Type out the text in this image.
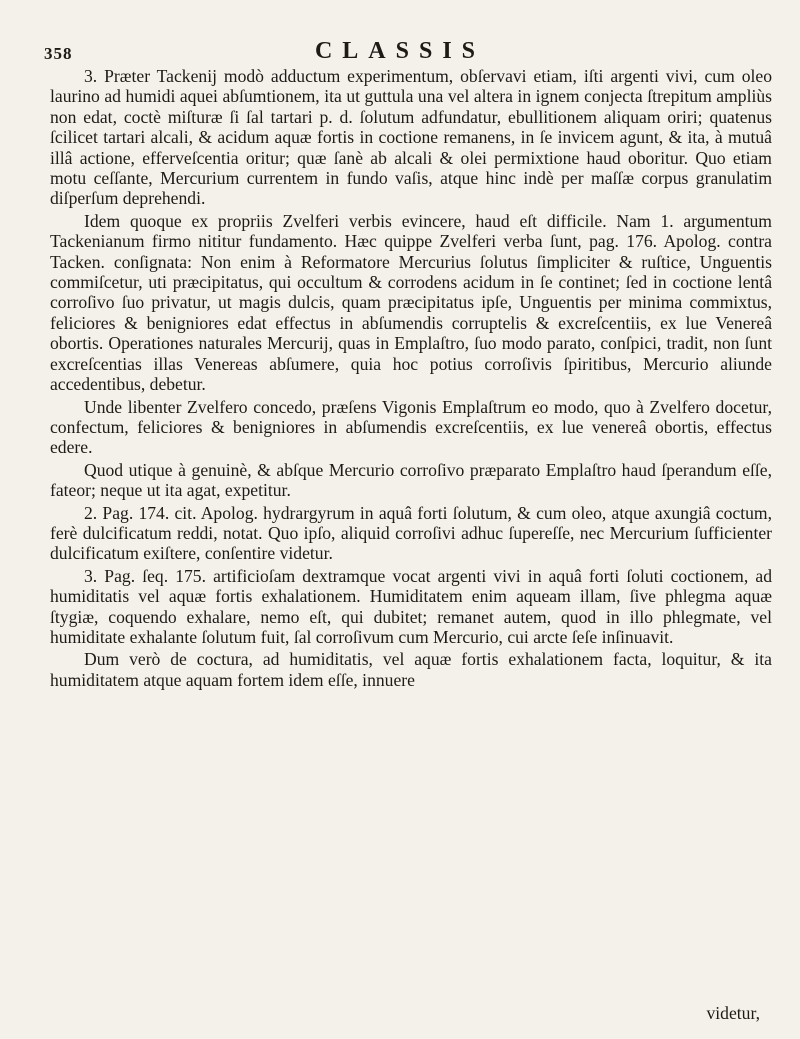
358	CLASSIS

3. Præter Tackenij modò adductum experimentum, obſervavi etiam, iſti argenti vivi, cum oleo laurino ad humidi aquei abſumtionem, ita ut guttula una vel altera in ignem conjecta ſtrepitum ampliùs non edat, coctè miſturæ ſi ſal tartari p. d. ſolutum adfundatur, ebullitionem aliquam oriri; quatenus ſcilicet tartari alcali, & acidum aquæ fortis in coctione remanens, in ſe invicem agunt, & ita, à mutuâ illâ actione, efferveſcentia oritur; quæ ſanè ab alcali & olei permixtione haud oboritur. Quo etiam motu ceſſante, Mercurium currentem in fundo vaſis, atque hinc indè per maſſæ corpus granulatim diſperſum deprehendi.

Idem quoque ex propriis Zvelferi verbis evincere, haud eſt difficile. Nam 1. argumentum Tackenianum firmo nititur fundamento. Hæc quippe Zvelferi verba ſunt, pag. 176. Apolog. contra Tacken. conſignata: Non enim à Reformatore Mercurius ſolutus ſimpliciter & ruſtice, Unguentis commiſcetur, uti præcipitatus, qui occultum & corrodens acidum in ſe continet; ſed in coctione lentâ corroſivo ſuo privatur, ut magis dulcis, quam præcipitatus ipſe, Unguentis per minima commixtus, feliciores & benigniores edat effectus in abſumendis corruptelis & excreſcentiis, ex lue Venereâ obortis. Operationes naturales Mercurij, quas in Emplaſtro, ſuo modo parato, conſpici, tradit, non ſunt excreſcentias illas Venereas abſumere, quia hoc potius corroſivis ſpiritibus, Mercurio aliunde accedentibus, debetur.

Unde libenter Zvelfero concedo, præſens Vigonis Emplaſtrum eo modo, quo à Zvelfero docetur, confectum, feliciores & benigniores in abſumendis excreſcentiis, ex lue venereâ obortis, effectus edere.

Quod utique à genuinè, & abſque Mercurio corroſivo præparato Emplaſtro haud ſperandum eſſe, fateor; neque ut ita agat, expetitur.

2. Pag. 174. cit. Apolog. hydrargyrum in aquâ forti ſolutum, & cum oleo, atque axungiâ coctum, ferè dulcificatum reddi, notat. Quo ipſo, aliquid corroſivi adhuc ſupereſſe, nec Mercurium ſufficienter dulcificatum exiſtere, conſentire videtur.

3. Pag. ſeq. 175. artificioſam dextramque vocat argenti vivi in aquâ forti ſoluti coctionem, ad humiditatis vel aquæ fortis exhalationem. Humiditatem enim aqueam illam, ſive phlegma aquæ ſtygiæ, coquendo exhalare, nemo eſt, qui dubitet; remanet autem, quod in illo phlegmate, vel humiditate exhalante ſolutum fuit, ſal corroſivum cum Mercurio, cui arcte ſeſe inſinuavit.

Dum verò de coctura, ad humiditatis, vel aquæ fortis exhalationem facta, loquitur, & ita humiditatem atque aquam fortem idem eſſe, innuere

videtur,
